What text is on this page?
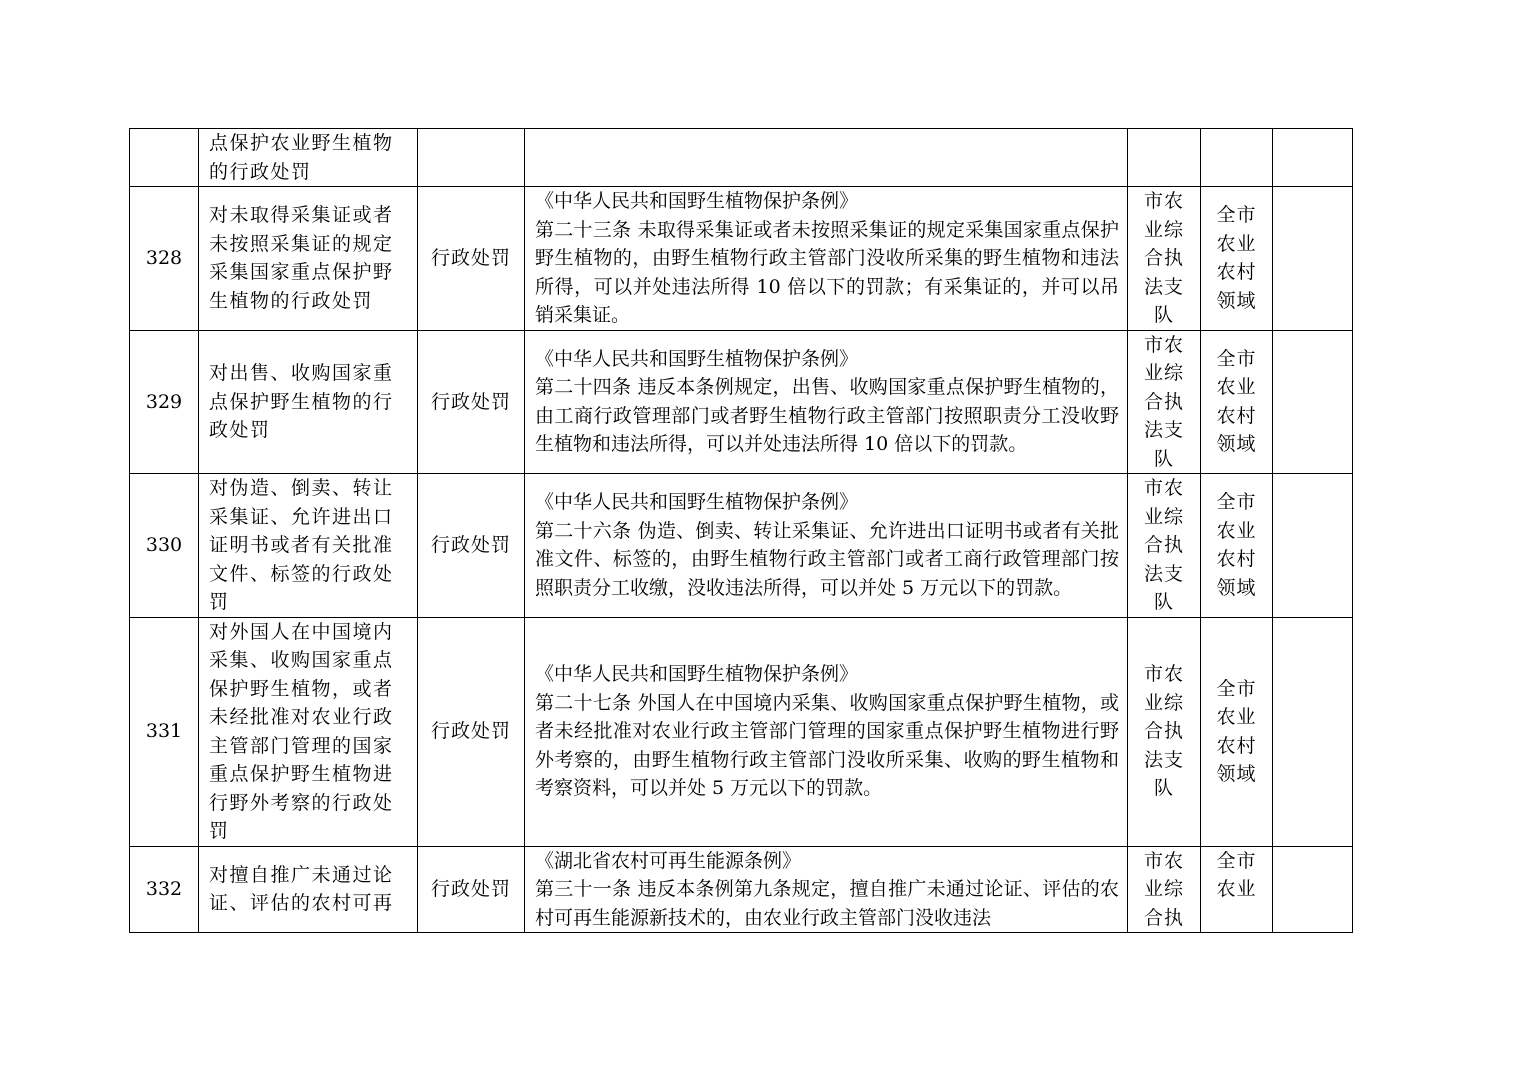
	点保护农业野生植物的行政处罚					

328	对未取得采集证或者未按照采集证的规定采集国家重点保护野生植物的行政处罚	行政处罚	《中华人民共和国野生植物保护条例》
第二十三条 未取得采集证或者未按照采集证的规定采集国家重点保护野生植物的，由野生植物行政主管部门没收所采集的野生植物和违法所得，可以并处违法所得 10 倍以下的罚款；有采集证的，并可以吊销采集证。	市农
业综
合执
法支
队	全市
农业
农村
领域	

329	对出售、收购国家重点保护野生植物的行政处罚	行政处罚	《中华人民共和国野生植物保护条例》
第二十四条 违反本条例规定，出售、收购国家重点保护野生植物的，由工商行政管理部门或者野生植物行政主管部门按照职责分工没收野生植物和违法所得，可以并处违法所得 10 倍以下的罚款。	市农
业综
合执
法支
队	全市
农业
农村
领域	

330	对伪造、倒卖、转让采集证、允许进出口证明书或者有关批准文件、标签的行政处罚	行政处罚	《中华人民共和国野生植物保护条例》
第二十六条 伪造、倒卖、转让采集证、允许进出口证明书或者有关批准文件、标签的，由野生植物行政主管部门或者工商行政管理部门按照职责分工收缴，没收违法所得，可以并处 5 万元以下的罚款。	市农
业综
合执
法支
队	全市
农业
农村
领域	

331	对外国人在中国境内采集、收购国家重点保护野生植物，或者未经批准对农业行政主管部门管理的国家重点保护野生植物进行野外考察的行政处罚	行政处罚	《中华人民共和国野生植物保护条例》
第二十七条 外国人在中国境内采集、收购国家重点保护野生植物，或者未经批准对农业行政主管部门管理的国家重点保护野生植物进行野外考察的，由野生植物行政主管部门没收所采集、收购的野生植物和考察资料，可以并处 5 万元以下的罚款。	市农
业综
合执
法支
队	全市
农业
农村
领域	

332	对擅自推广未通过论证、评估的农村可再	行政处罚	《湖北省农村可再生能源条例》
第三十一条 违反本条例第九条规定，擅自推广未通过论证、评估的农村可再生能源新技术的，由农业行政主管部门没收违法	市农
业综
合执	全市
农业	
